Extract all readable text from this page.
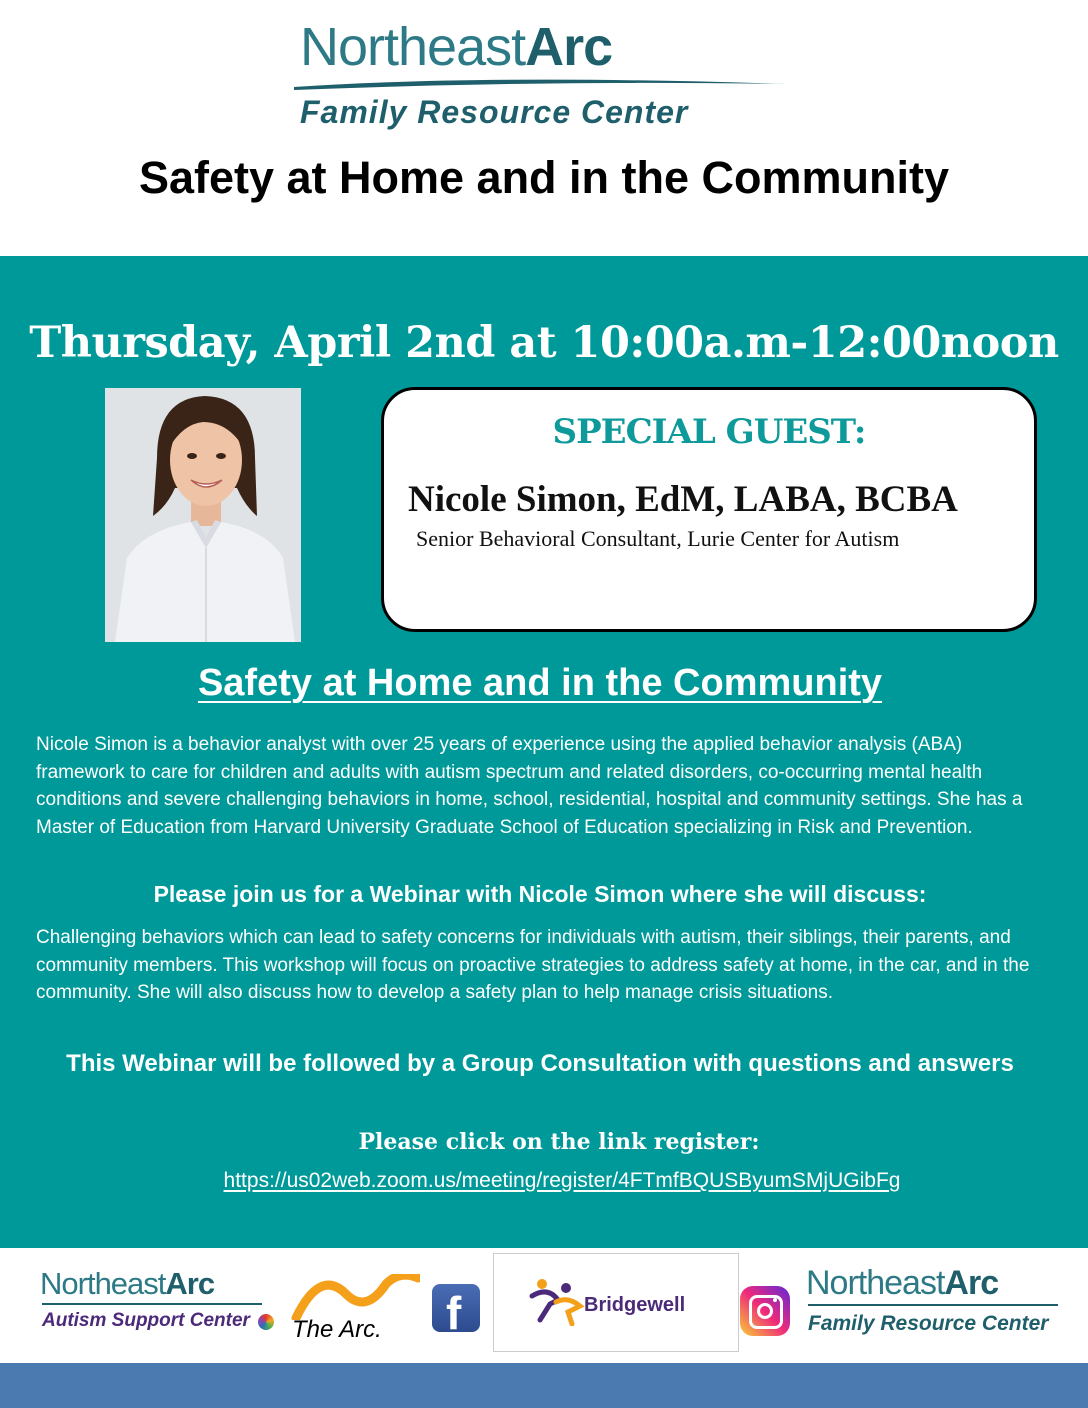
NortheastArc
Family Resource Center
Safety at Home and in the Community
Thursday, April 2nd at 10:00a.m-12:00noon
SPECIAL GUEST:
Nicole Simon, EdM, LABA, BCBA
Senior Behavioral Consultant, Lurie Center for Autism
Safety at Home and in the Community
Nicole Simon is a behavior analyst with over 25 years of experience using the applied behavior analysis (ABA) framework to care for children and adults with autism spectrum and related disorders, co-occurring mental health conditions and severe challenging behaviors in home, school, residential, hospital and community settings. She has a Master of Education from Harvard University Graduate School of Education specializing in Risk and Prevention.
Please join us for a Webinar with Nicole Simon where she will discuss:
Challenging behaviors which can lead to safety concerns for individuals with autism, their siblings, their parents, and community members. This workshop will focus on proactive strategies to address safety at home, in the car, and in the community. She will also discuss how to develop a safety plan to help manage crisis situations.
This Webinar will be followed by a Group Consultation with questions and answers
Please click on the link register:
https://us02web.zoom.us/meeting/register/4FTmfBQUSByumSMjUGibFg
NortheastArc
Autism Support Center The Arc. f	Bridgewell
NortheastArc
Family Resource Center
